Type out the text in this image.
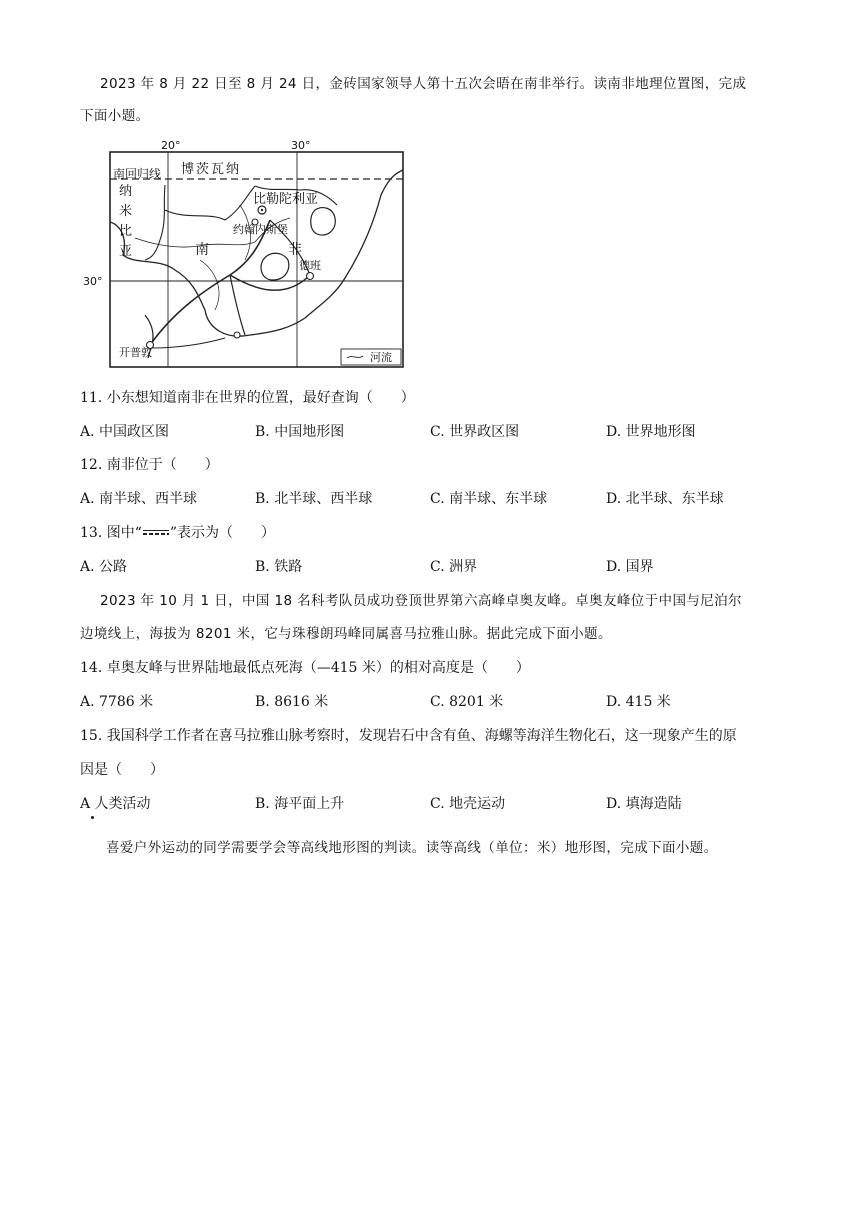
2023 年 8 月 22 日至 8 月 24 日，金砖国家领导人第十五次会晤在南非举行。读南非地理位置图，完成
下面小题。
20°	30°
30°
南回归线 博茨瓦纳
纳
米
比
亚
比勒陀利亚
约翰内斯堡
南	非
德班
开普敦	河流
11. 小东想知道南非在世界的位置，最好查询（　　）
A. 中国政区图	B. 中国地形图	C. 世界政区图	D. 世界地形图
12. 南非位于（　　）
A. 南半球、西半球	B. 北半球、西半球	C. 南半球、东半球	D. 北半球、东半球
13. 图中“ ”表示为（　　）
A. 公路	B. 铁路	C. 洲界	D. 国界
2023 年 10 月 1 日，中国 18 名科考队员成功登顶世界第六高峰卓奥友峰。卓奥友峰位于中国与尼泊尔
边境线上，海拔为 8201 米，它与珠穆朗玛峰同属喜马拉雅山脉。据此完成下面小题。
14. 卓奥友峰与世界陆地最低点死海（—415 米）的相对高度是（　　）
A. 7786 米	B. 8616 米	C. 8201 米	D. 415 米
15. 我国科学工作者在喜马拉雅山脉考察时，发现岩石中含有鱼、海螺等海洋生物化石，这一现象产生的原
因是（　　）
A 人类活动	B. 海平面上升	C. 地壳运动	D. 填海造陆
喜爱户外运动的同学需要学会等高线地形图的判读。读等高线（单位：米）地形图，完成下面小题。
